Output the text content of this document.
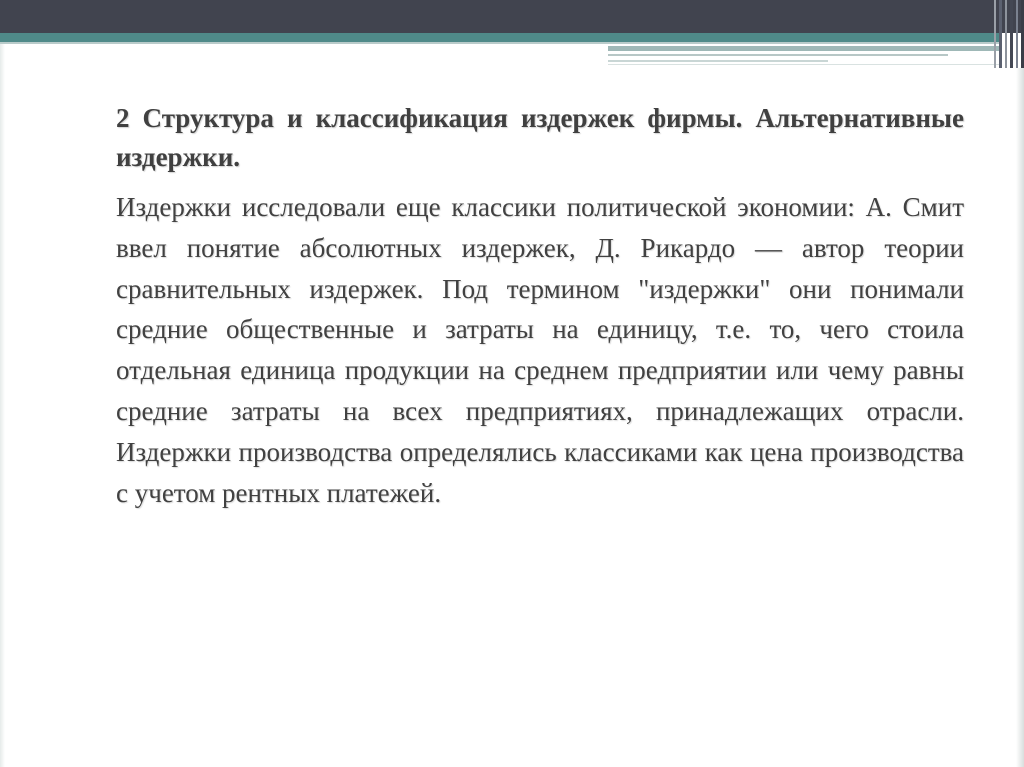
2 Структура и классификация издержек фирмы. Альтернативные издержки.

Издержки исследовали еще классики политической экономии: А. Смит ввел понятие абсолютных издержек, Д. Рикардо — автор теории сравнительных издержек. Под термином "издержки" они понимали средние общественные и затраты на единицу, т.е. то, чего стоила отдельная единица продукции на среднем предприятии или чему равны средние затраты на всех предприятиях, принадлежащих отрасли. Издержки производства определялись классиками как цена производства с учетом рентных платежей.
